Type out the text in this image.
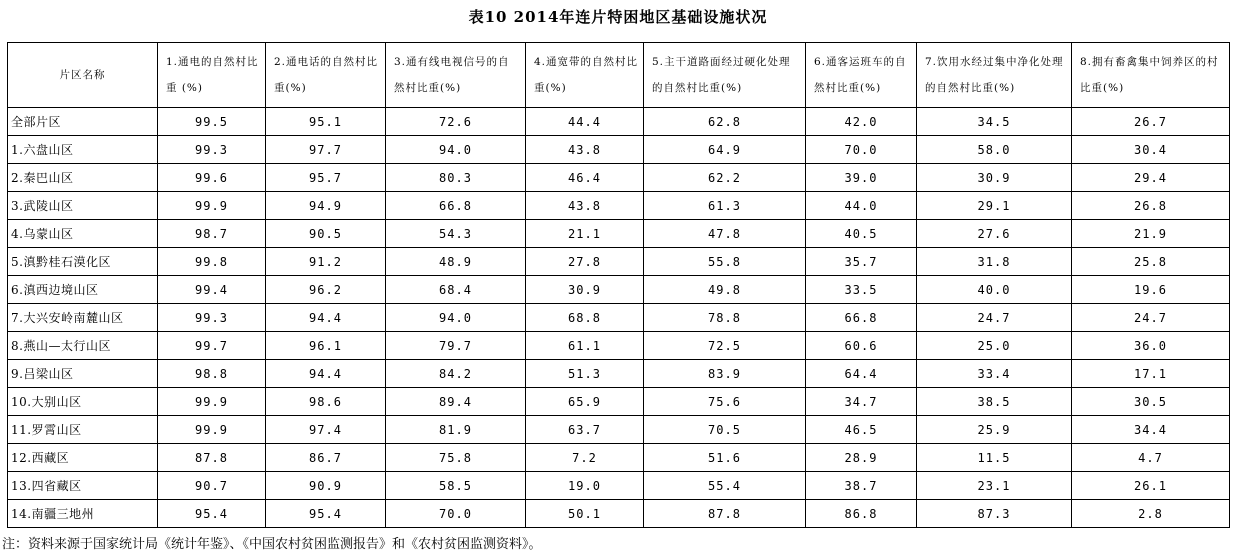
表10 2014年连片特困地区基础设施状况
片区名称	1.通电的自然村比重 (%)	2.通电话的自然村比重(%)	3.通有线电视信号的自然村比重(%)	4.通宽带的自然村比重(%)	5.主干道路面经过硬化处理的自然村比重(%)	6.通客运班车的自然村比重(%)	7.饮用水经过集中净化处理的自然村比重(%)	8.拥有畜禽集中饲养区的村比重(%)
全部片区	99.5	95.1	72.6	44.4	62.8	42.0	34.5	26.7
1.六盘山区	99.3	97.7	94.0	43.8	64.9	70.0	58.0	30.4
2.秦巴山区	99.6	95.7	80.3	46.4	62.2	39.0	30.9	29.4
3.武陵山区	99.9	94.9	66.8	43.8	61.3	44.0	29.1	26.8
4.乌蒙山区	98.7	90.5	54.3	21.1	47.8	40.5	27.6	21.9
5.滇黔桂石漠化区	99.8	91.2	48.9	27.8	55.8	35.7	31.8	25.8
6.滇西边境山区	99.4	96.2	68.4	30.9	49.8	33.5	40.0	19.6
7.大兴安岭南麓山区	99.3	94.4	94.0	68.8	78.8	66.8	24.7	24.7
8.燕山—太行山区	99.7	96.1	79.7	61.1	72.5	60.6	25.0	36.0
9.吕梁山区	98.8	94.4	84.2	51.3	83.9	64.4	33.4	17.1
10.大别山区	99.9	98.6	89.4	65.9	75.6	34.7	38.5	30.5
11.罗霄山区	99.9	97.4	81.9	63.7	70.5	46.5	25.9	34.4
12.西藏区	87.8	86.7	75.8	7.2	51.6	28.9	11.5	4.7
13.四省藏区	90.7	90.9	58.5	19.0	55.4	38.7	23.1	26.1
14.南疆三地州	95.4	95.4	70.0	50.1	87.8	86.8	87.3	2.8
注：资料来源于国家统计局《统计年鉴》、《中国农村贫困监测报告》和《农村贫困监测资料》。
